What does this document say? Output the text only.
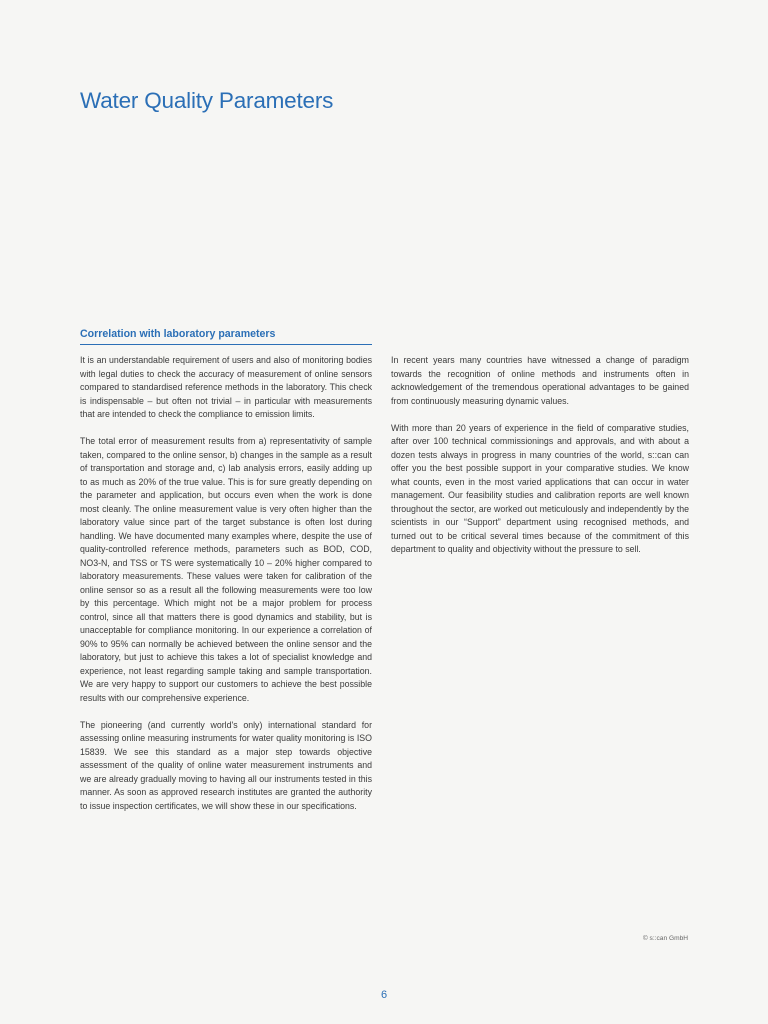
Water Quality Parameters
Correlation with laboratory parameters

It is an understandable requirement of users and also of monitoring bodies with legal duties to check the accuracy of measurement of online sensors compared to standardised reference methods in the laboratory. This check is indispensable – but often not trivial – in particular with measurements that are intended to check the compliance to emission limits.

The total error of measurement results from a) representativity of sample taken, compared to the online sensor, b) changes in the sample as a result of transportation and storage and, c) lab analysis errors, easily adding up to as much as 20% of the true value. This is for sure greatly depending on the parameter and application, but occurs even when the work is done most cleanly. The online measurement value is very often higher than the laboratory value since part of the target substance is often lost during handling. We have documented many examples where, despite the use of quality-controlled reference methods, parameters such as BOD, COD, NO3-N, and TSS or TS were systematically 10 – 20% higher compared to laboratory measurements. These values were taken for calibration of the online sensor so as a result all the following measurements were too low by this percentage. Which might not be a major problem for process control, since all that matters there is good dynamics and stability, but is unacceptable for compliance monitoring. In our experience a correlation of 90% to 95% can normally be achieved between the online sensor and the laboratory, but just to achieve this takes a lot of specialist knowledge and experience, not least regarding sample taking and sample transportation. We are very happy to support our customers to achieve the best possible results with our comprehensive experience.

The pioneering (and currently world's only) international standard for assessing online measuring instruments for water quality monitoring is ISO 15839. We see this standard as a major step towards objective assessment of the quality of online water measurement instruments and we are already gradually moving to having all our instruments tested in this manner. As soon as approved research institutes are granted the authority to issue inspection certificates, we will show these in our specifications.

In recent years many countries have witnessed a change of paradigm towards the recognition of online methods and instruments often in acknowledgement of the tremendous operational advantages to be gained from continuously measuring dynamic values.

With more than 20 years of experience in the field of comparative studies, after over 100 technical commissionings and approvals, and with about a dozen tests always in progress in many countries of the world, s::can can offer you the best possible support in your comparative studies. We know what counts, even in the most varied applications that can occur in water management. Our feasibility studies and calibration reports are well known throughout the sector, are worked out meticulously and independently by the scientists in our “Support” department using recognised methods, and turned out to be critical several times because of the commitment of this department to quality and objectivity without the pressure to sell.

© s::can GmbH
6
